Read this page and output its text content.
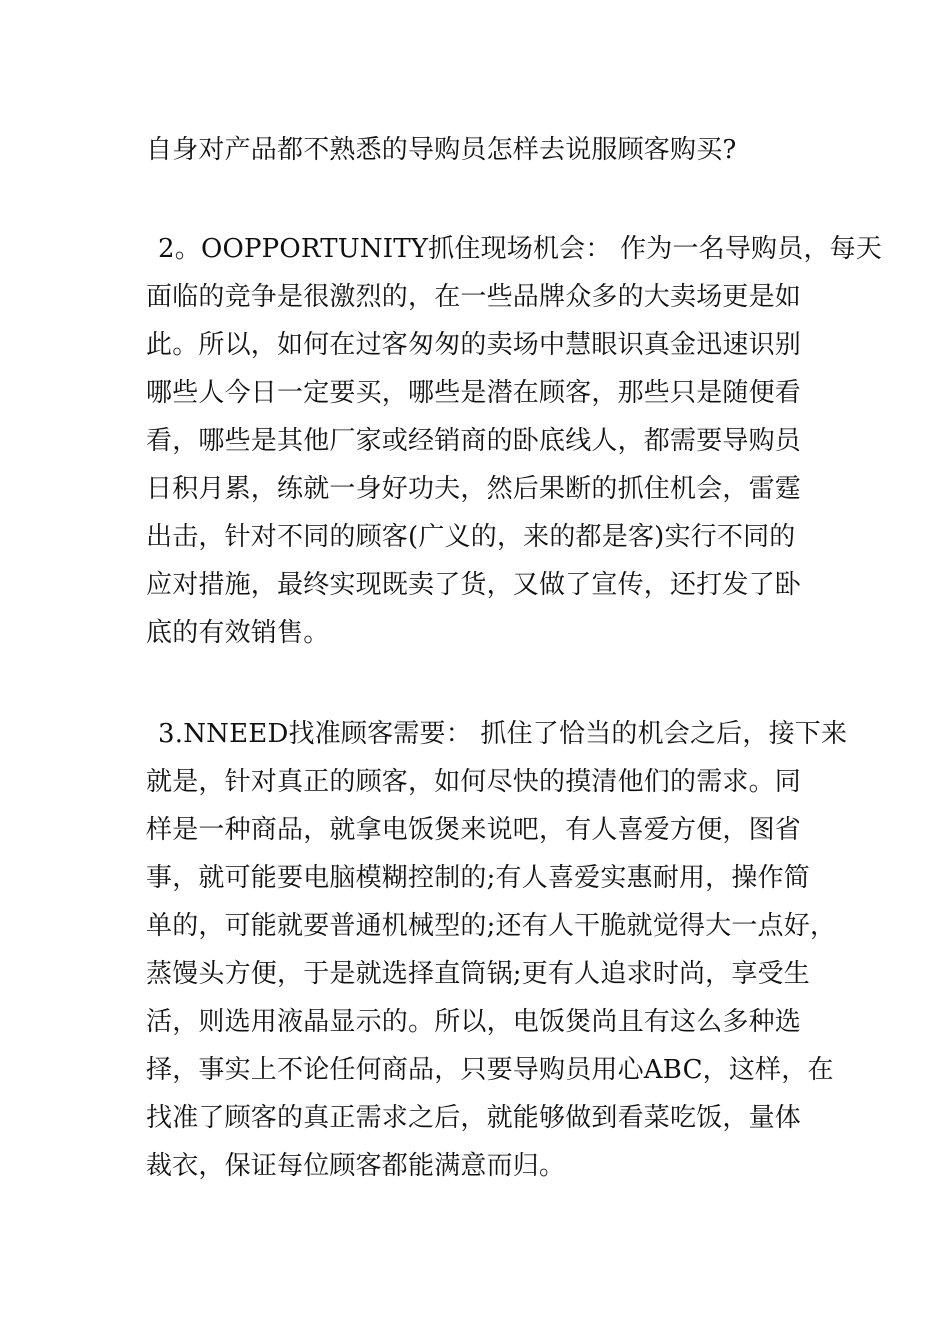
自身对产品都不熟悉的导购员怎样去说服顾客购买?

2。OOPPORTUNITY抓住现场机会： 作为一名导购员，每天

面临的竞争是很激烈的，在一些品牌众多的大卖场更是如

此。所以，如何在过客匆匆的卖场中慧眼识真金迅速识别

哪些人今日一定要买，哪些是潜在顾客，那些只是随便看

看，哪些是其他厂家或经销商的卧底线人，都需要导购员

日积月累，练就一身好功夫，然后果断的抓住机会，雷霆

出击，针对不同的顾客(广义的，来的都是客)实行不同的

应对措施，最终实现既卖了货，又做了宣传，还打发了卧

底的有效销售。

3.NNEED找准顾客需要： 抓住了恰当的机会之后，接下来

就是，针对真正的顾客，如何尽快的摸清他们的需求。同

样是一种商品，就拿电饭煲来说吧，有人喜爱方便，图省

事，就可能要电脑模糊控制的;有人喜爱实惠耐用，操作简

单的，可能就要普通机械型的;还有人干脆就觉得大一点好，

蒸馒头方便，于是就选择直筒锅;更有人追求时尚，享受生

活，则选用液晶显示的。所以，电饭煲尚且有这么多种选

择，事实上不论任何商品，只要导购员用心ABC，这样，在

找准了顾客的真正需求之后，就能够做到看菜吃饭，量体

裁衣，保证每位顾客都能满意而归。
